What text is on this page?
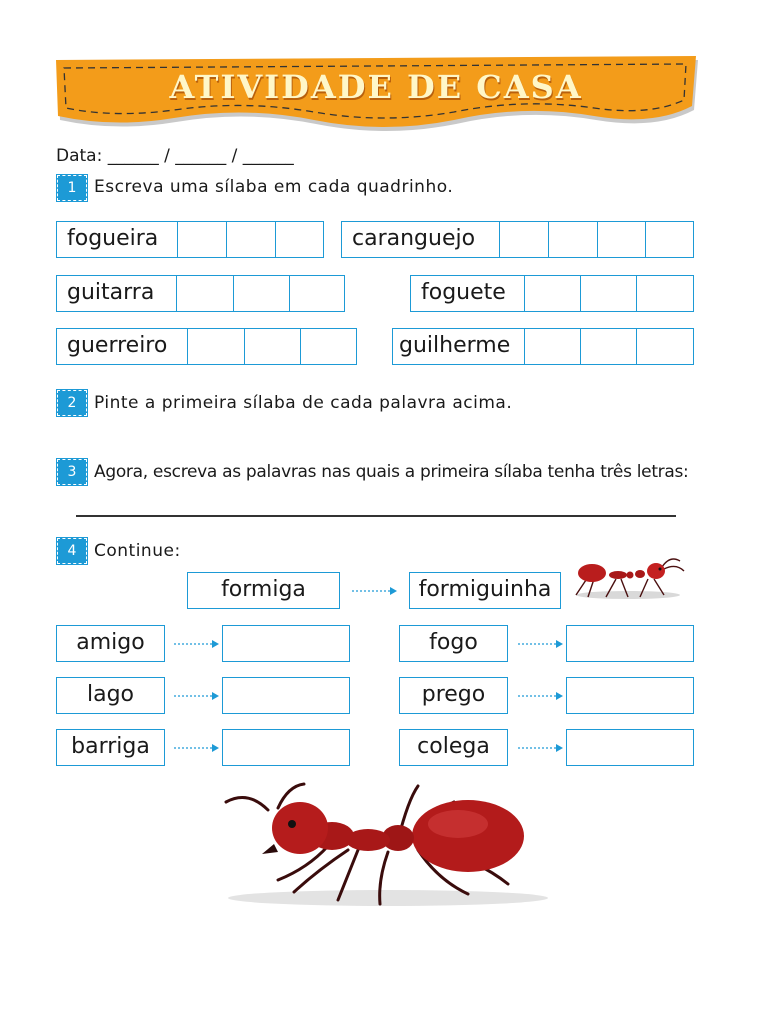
ATIVIDADE DE CASA
Data: ______ / ______ / ______
1	Escreva uma sílaba em cada quadrinho.
fogueira	caranguejo
guitarra	foguete
guerreiro	guilherme
2	Pinte a primeira sílaba de cada palavra acima.
3	Agora, escreva as palavras nas quais a primeira sílaba tenha três letras:
4	Continue:
formiga	formiguinha
amigo	fogo
lago	prego
barriga	colega
